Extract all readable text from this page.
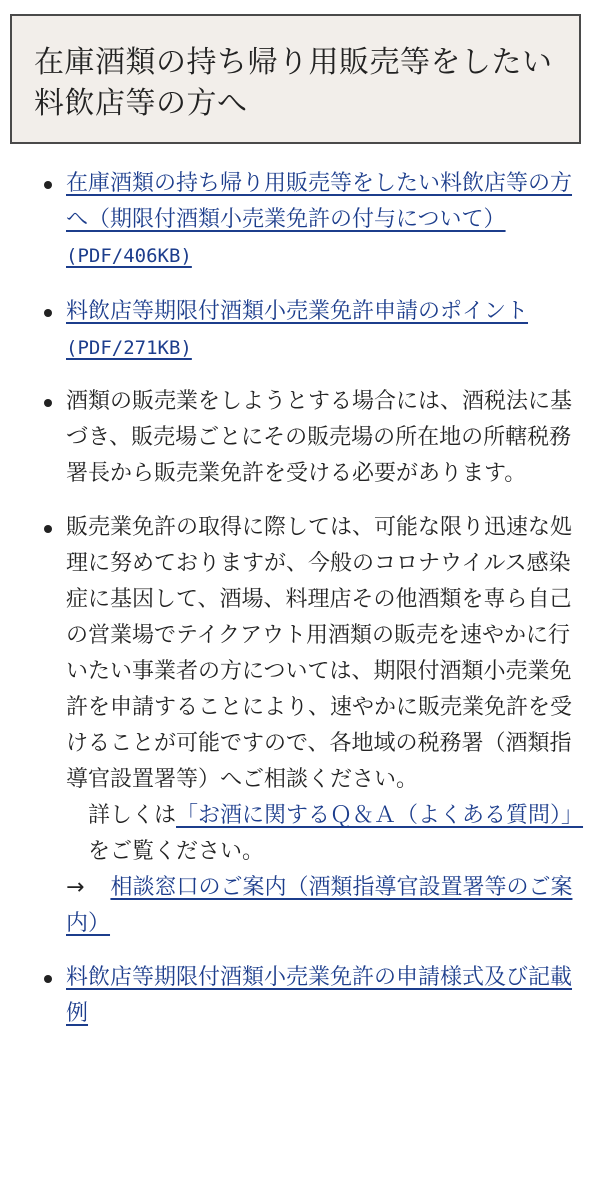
在庫酒類の持ち帰り用販売等をしたい料飲店等の方へ
在庫酒類の持ち帰り用販売等をしたい料飲店等の方へ（期限付酒類小売業免許の付与について）(PDF/406KB)
料飲店等期限付酒類小売業免許申請のポイント(PDF/271KB)
酒類の販売業をしようとする場合には、酒税法に基づき、販売場ごとにその販売場の所在地の所轄税務署長から販売業免許を受ける必要があります。
販売業免許の取得に際しては、可能な限り迅速な処理に努めておりますが、今般のコロナウイルス感染症に基因して、酒場、料理店その他酒類を専ら自己の営業場でテイクアウト用酒類の販売を速やかに行いたい事業者の方については、期限付酒類小売業免許を申請することにより、速やかに販売業免許を受けることが可能ですので、各地域の税務署（酒類指導官設置署等）へご相談ください。
詳しくは「お酒に関するＱ＆Ａ（よくある質問）」をご覧ください。
→ 相談窓口のご案内（酒類指導官設置署等のご案内）
料飲店等期限付酒類小売業免許の申請様式及び記載例
